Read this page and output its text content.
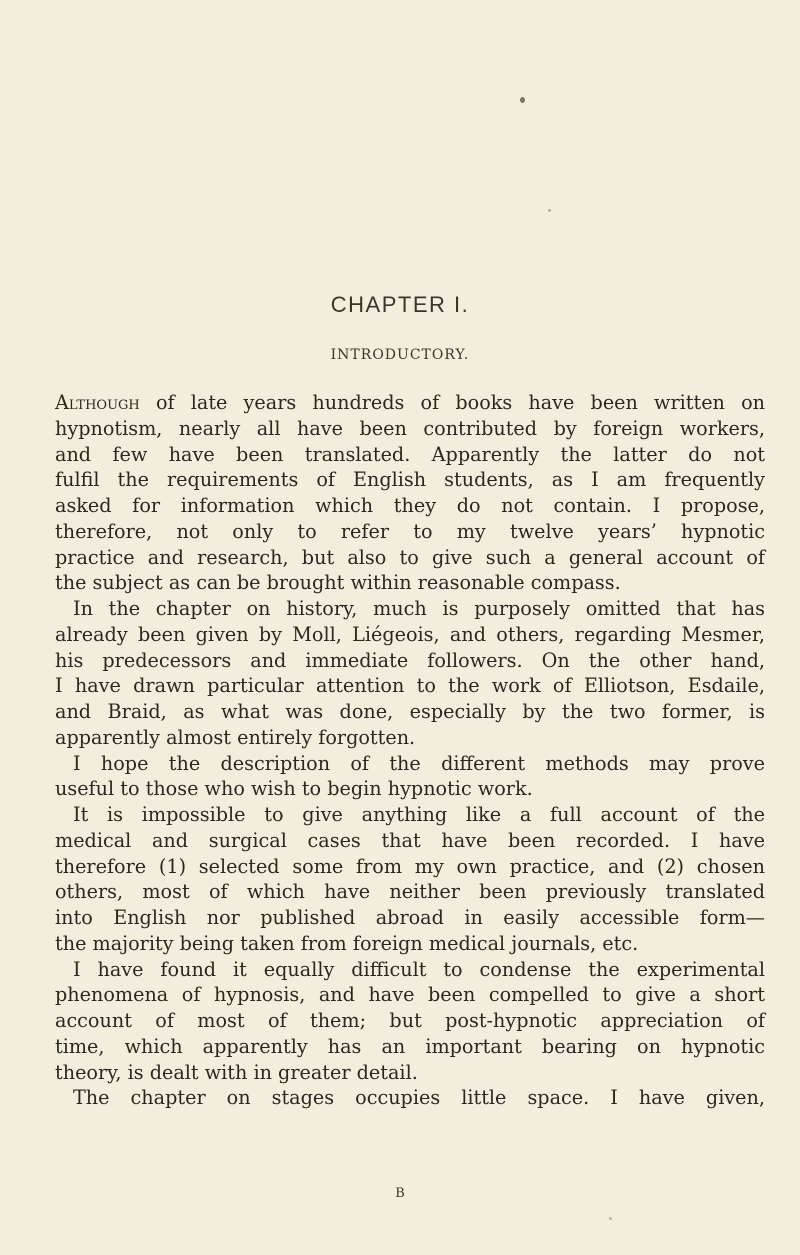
CHAPTER I.
INTRODUCTORY.
Although of late years hundreds of books have been written on
hypnotism, nearly all have been contributed by foreign workers,
and few have been translated. Apparently the latter do not
fulfil the requirements of English students, as I am frequently
asked for information which they do not contain. I propose,
therefore, not only to refer to my twelve years’ hypnotic
practice and research, but also to give such a general account of
the subject as can be brought within reasonable compass.
In the chapter on history, much is purposely omitted that has
already been given by Moll, Liégeois, and others, regarding Mesmer,
his predecessors and immediate followers. On the other hand,
I have drawn particular attention to the work of Elliotson, Esdaile,
and Braid, as what was done, especially by the two former, is
apparently almost entirely forgotten.
I hope the description of the different methods may prove
useful to those who wish to begin hypnotic work.
It is impossible to give anything like a full account of the
medical and surgical cases that have been recorded. I have
therefore (1) selected some from my own practice, and (2) chosen
others, most of which have neither been previously translated
into English nor published abroad in easily accessible form—
the majority being taken from foreign medical journals, etc.
I have found it equally difficult to condense the experimental
phenomena of hypnosis, and have been compelled to give a short
account of most of them; but post-hypnotic appreciation of
time, which apparently has an important bearing on hypnotic
theory, is dealt with in greater detail.
The chapter on stages occupies little space. I have given,
B
